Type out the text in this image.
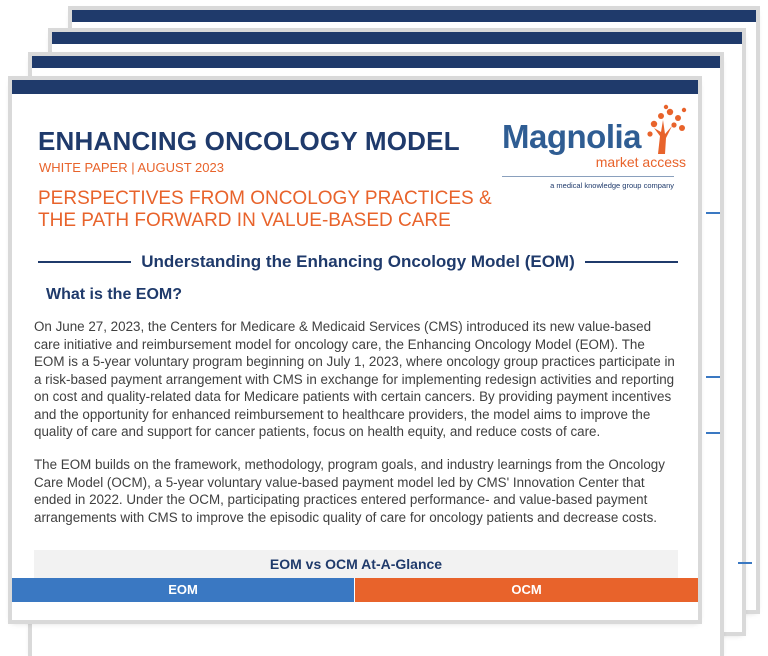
ENHANCING ONCOLOGY MODEL
WHITE PAPER | AUGUST 2023
PERSPECTIVES FROM ONCOLOGY PRACTICES &
THE PATH FORWARD IN VALUE-BASED CARE
Magnolia
market access
a medical knowledge group company
Understanding the Enhancing Oncology Model (EOM)
What is the EOM?

On June 27, 2023, the Centers for Medicare & Medicaid Services (CMS) introduced its new value-based care initiative and reimbursement model for oncology care, the Enhancing Oncology Model (EOM). The EOM is a 5-year voluntary program beginning on July 1, 2023, where oncology group practices participate in a risk-based payment arrangement with CMS in exchange for implementing redesign activities and reporting on cost and quality-related data for Medicare patients with certain cancers. By providing payment incentives and the opportunity for enhanced reimbursement to healthcare providers, the model aims to improve the quality of care and support for cancer patients, focus on health equity, and reduce costs of care.

The EOM builds on the framework, methodology, program goals, and industry learnings from the Oncology Care Model (OCM), a 5-year voluntary value-based payment model led by CMS' Innovation Center that ended in 2022. Under the OCM, participating practices entered performance- and value-based payment arrangements with CMS to improve the episodic quality of care for oncology patients and decrease costs.

EOM vs OCM At-A-Glance
EOM	OCM
